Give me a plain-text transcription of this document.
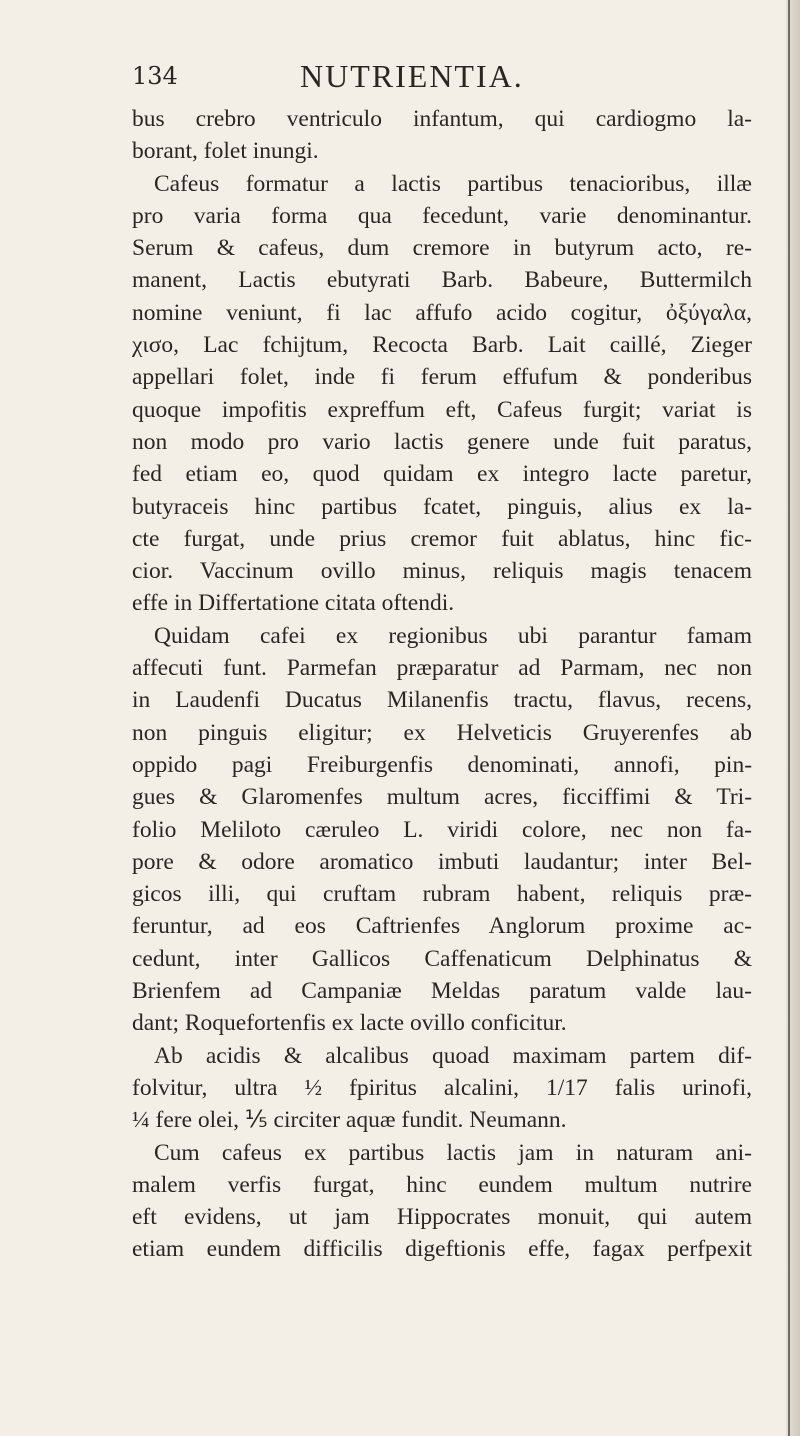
134	NUTRIENTIA.
bus crebro ventriculo infantum, qui cardiogmo la-
borant, folet inungi.
Cafeus formatur a lactis partibus tenacioribus, illæ
pro varia forma qua fecedunt, varie denominantur.
Serum & cafeus, dum cremore in butyrum acto, re-
manent, Lactis ebutyrati Barb. Babeure, Buttermilch
nomine veniunt, fi lac affufo acido cogitur, ὀξύγαλα,
χισο, Lac fchijtum, Recocta Barb. Lait caillé, Zieger
appellari folet, inde fi ferum effufum & ponderibus
quoque impofitis expreffum eft, Cafeus furgit; variat is
non modo pro vario lactis genere unde fuit paratus,
fed etiam eo, quod quidam ex integro lacte paretur,
butyraceis hinc partibus fcatet, pinguis, alius ex la-
cte furgat, unde prius cremor fuit ablatus, hinc fic-
cior. Vaccinum ovillo minus, reliquis magis tenacem
effe in Differtatione citata oftendi.
Quidam cafei ex regionibus ubi parantur famam
affecuti funt. Parmefan præparatur ad Parmam, nec non
in Laudenfi Ducatus Milanenfis tractu, flavus, recens,
non pinguis eligitur; ex Helveticis Gruyerenfes ab
oppido pagi Freiburgenfis denominati, annofi, pin-
gues & Glaromenfes multum acres, ficciffimi & Tri-
folio Meliloto cæruleo L. viridi colore, nec non fa-
pore & odore aromatico imbuti laudantur; inter Bel-
gicos illi, qui cruftam rubram habent, reliquis præ-
feruntur, ad eos Caftrienfes Anglorum proxime ac-
cedunt, inter Gallicos Caffenaticum Delphinatus &
Brienfem ad Campaniæ Meldas paratum valde lau-
dant; Roquefortenfis ex lacte ovillo conficitur.
Ab acidis & alcalibus quoad maximam partem dif-
folvitur, ultra ½ fpiritus alcalini, 1/17 falis urinofi,
¼ fere olei, ⅕ circiter aquæ fundit. Neumann.
Cum cafeus ex partibus lactis jam in naturam ani-
malem verfis furgat, hinc eundem multum nutrire
eft evidens, ut jam Hippocrates monuit, qui autem
etiam eundem difficilis digeftionis effe, fagax perfpexit
